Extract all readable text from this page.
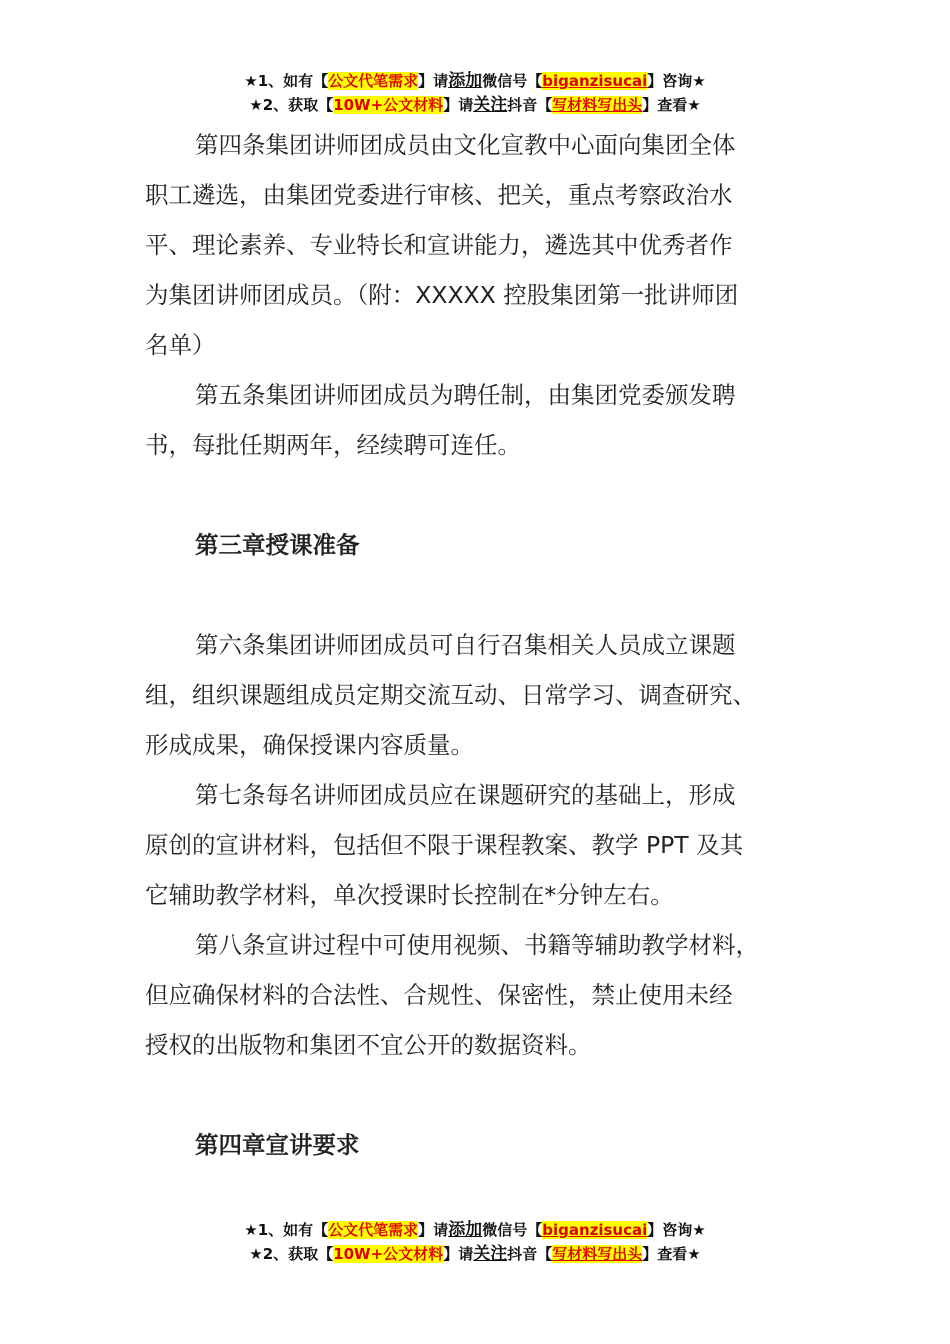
★1、如有【公文代笔需求】请添加微信号【biganzisucai】咨询★
★2、获取【10W+公文材料】请关注抖音【写材料写出头】查看★
第四条集团讲师团成员由文化宣教中心面向集团全体
职工遴选，由集团党委进行审核、把关，重点考察政治水
平、理论素养、专业特长和宣讲能力，遴选其中优秀者作
为集团讲师团成员。（附：XXXXX 控股集团第一批讲师团
名单）
第五条集团讲师团成员为聘任制，由集团党委颁发聘
书，每批任期两年，经续聘可连任。
第三章授课准备
第六条集团讲师团成员可自行召集相关人员成立课题
组，组织课题组成员定期交流互动、日常学习、调查研究、
形成成果，确保授课内容质量。
第七条每名讲师团成员应在课题研究的基础上，形成
原创的宣讲材料，包括但不限于课程教案、教学 PPT 及其
它辅助教学材料，单次授课时长控制在*分钟左右。
第八条宣讲过程中可使用视频、书籍等辅助教学材料，
但应确保材料的合法性、合规性、保密性，禁止使用未经
授权的出版物和集团不宜公开的数据资料。
第四章宣讲要求
★1、如有【公文代笔需求】请添加微信号【biganzisucai】咨询★
★2、获取【10W+公文材料】请关注抖音【写材料写出头】查看★
